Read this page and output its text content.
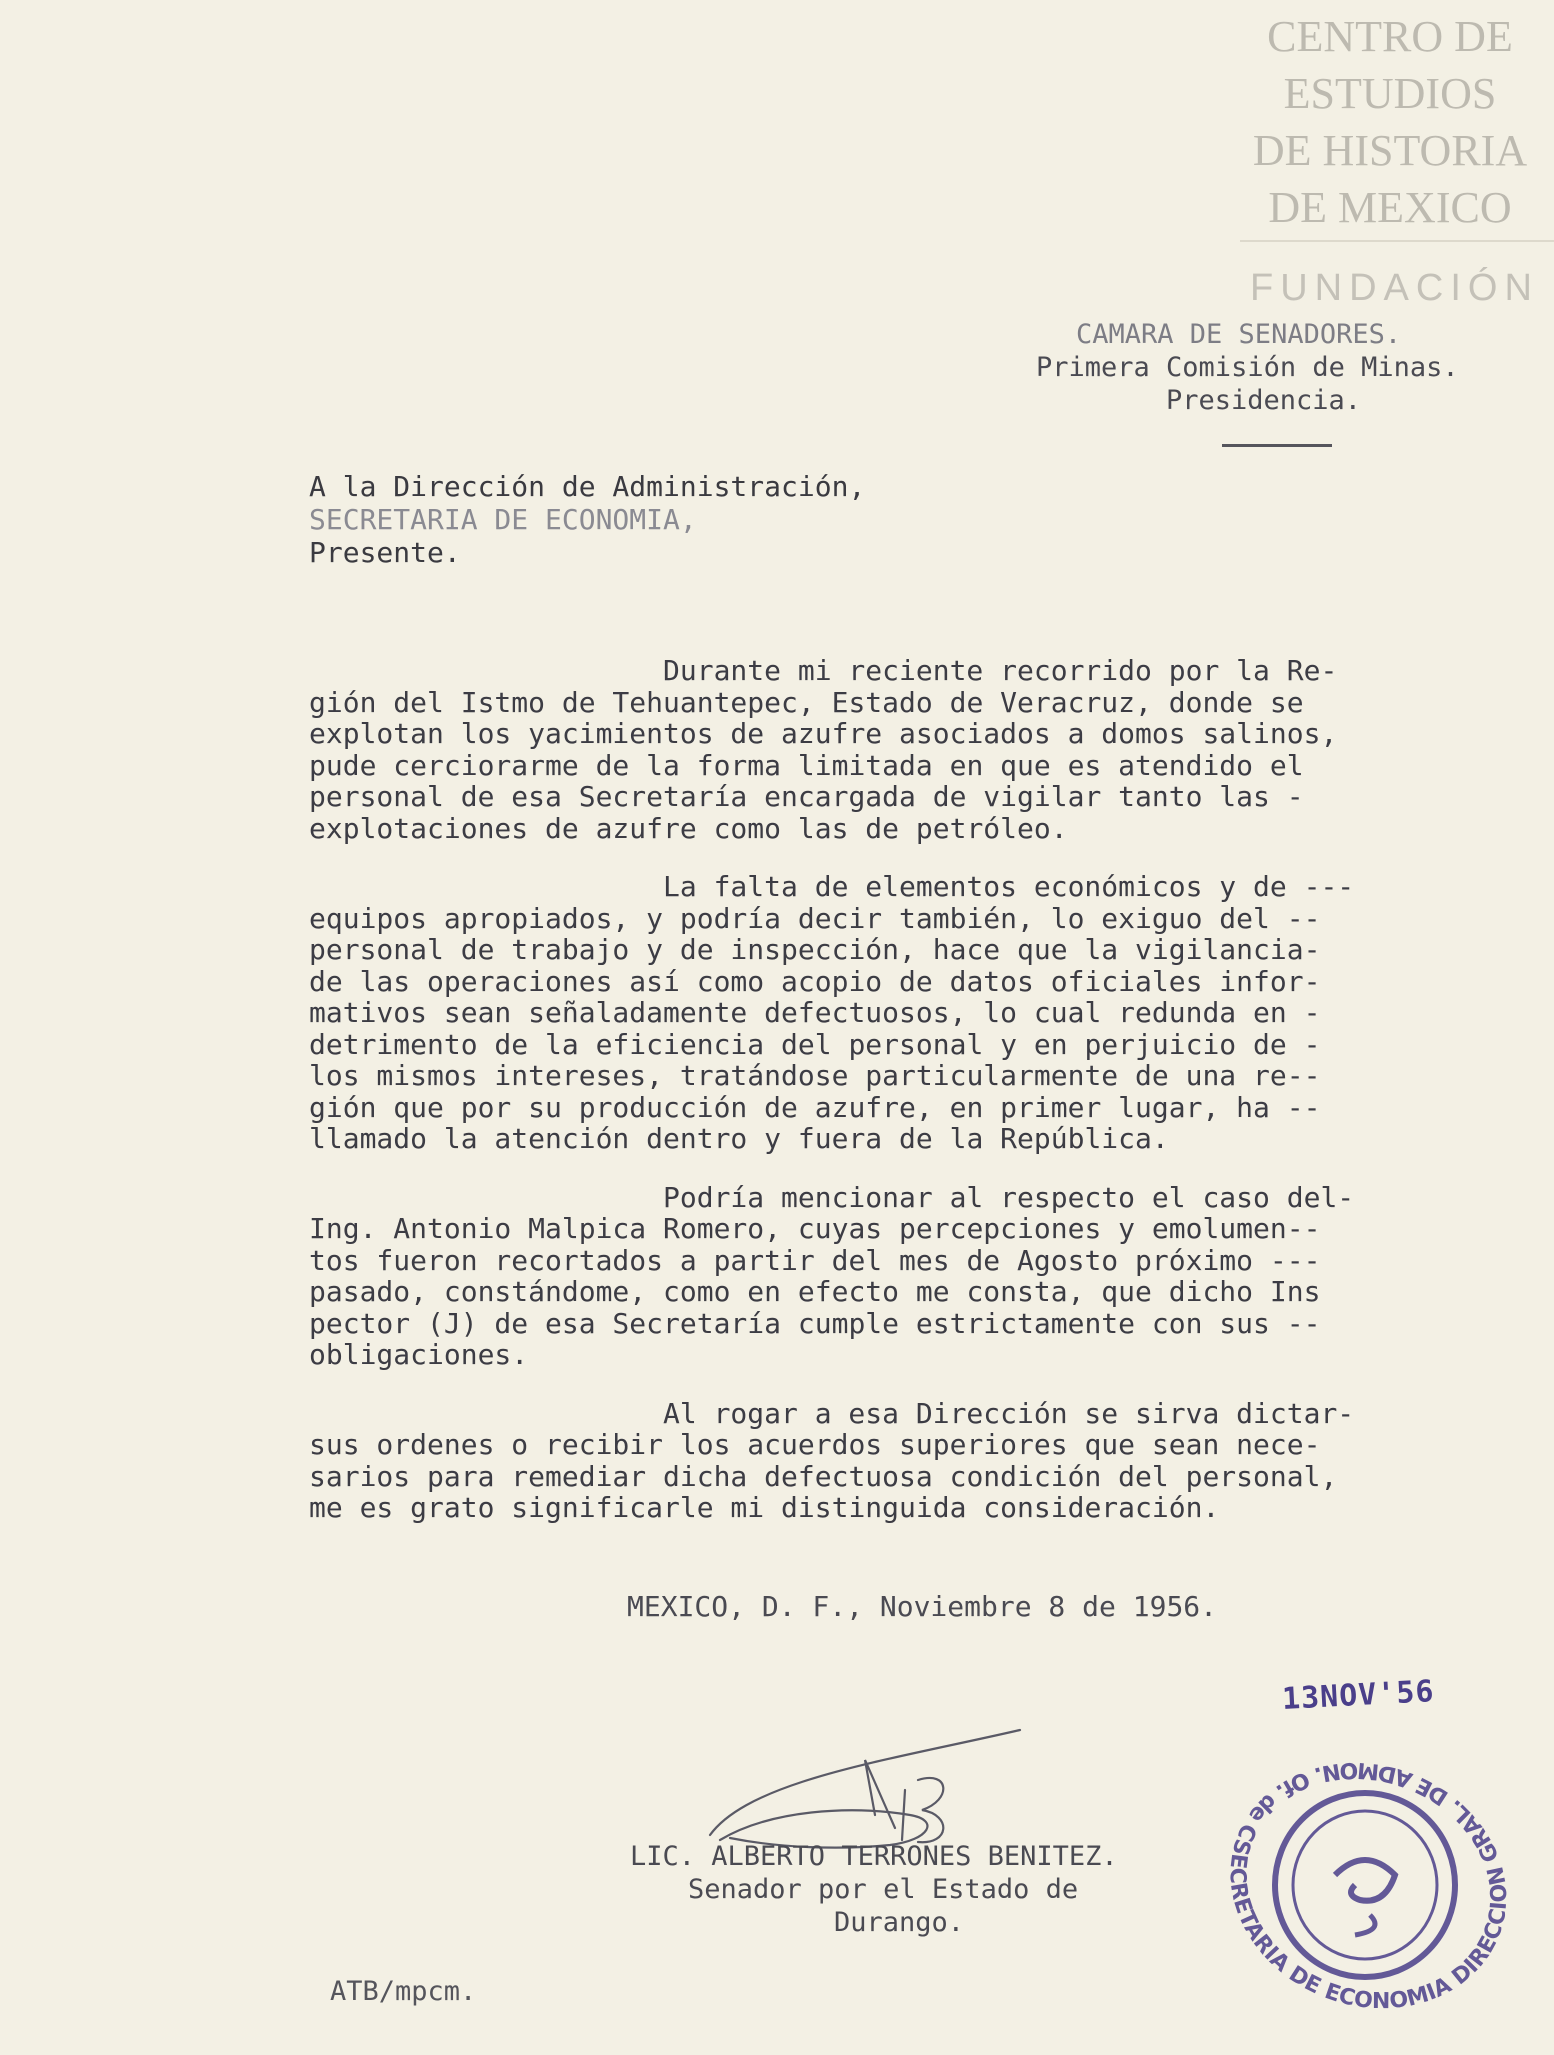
CENTRO DE
ESTUDIOS
DE HISTORIA
DE MEXICO
FUNDACIÓN
CAMARA DE SENADORES.
Primera Comisión de Minas.
Presidencia.
A la Dirección de Administración,
SECRETARIA DE ECONOMIA,
Presente.
Durante mi reciente recorrido por la Re-
gión del Istmo de Tehuantepec, Estado de Veracruz, donde se
explotan los yacimientos de azufre asociados a domos salinos,
pude cerciorarme de la forma limitada en que es atendido el
personal de esa Secretaría encargada de vigilar tanto las -
explotaciones de azufre como las de petróleo.
La falta de elementos económicos y de ---
equipos apropiados, y podría decir también, lo exiguo del --
personal de trabajo y de inspección, hace que la vigilancia-
de las operaciones así como acopio de datos oficiales infor-
mativos sean señaladamente defectuosos, lo cual redunda en -
detrimento de la eficiencia del personal y en perjuicio de -
los mismos intereses, tratándose particularmente de una re--
gión que por su producción de azufre, en primer lugar, ha --
llamado la atención dentro y fuera de la República.
Podría mencionar al respecto el caso del-
Ing. Antonio Malpica Romero, cuyas percepciones y emolumen--
tos fueron recortados a partir del mes de Agosto próximo ---
pasado, constándome, como en efecto me consta, que dicho Ins
pector (J) de esa Secretaría cumple estrictamente con sus --
obligaciones.
Al rogar a esa Dirección se sirva dictar-
sus ordenes o recibir los acuerdos superiores que sean nece-
sarios para remediar dicha defectuosa condición del personal,
me es grato significarle mi distinguida consideración.
MEXICO, D. F., Noviembre 8 de 1956.
13NOV'56
SECRETARIA DE ECONOMIA DIRECCION GRAL. DE ADMON. Of. de Correspondencia
LIC. ALBERTO TERRONES BENITEZ.
Senador por el Estado de
Durango.
ATB/mpcm.
